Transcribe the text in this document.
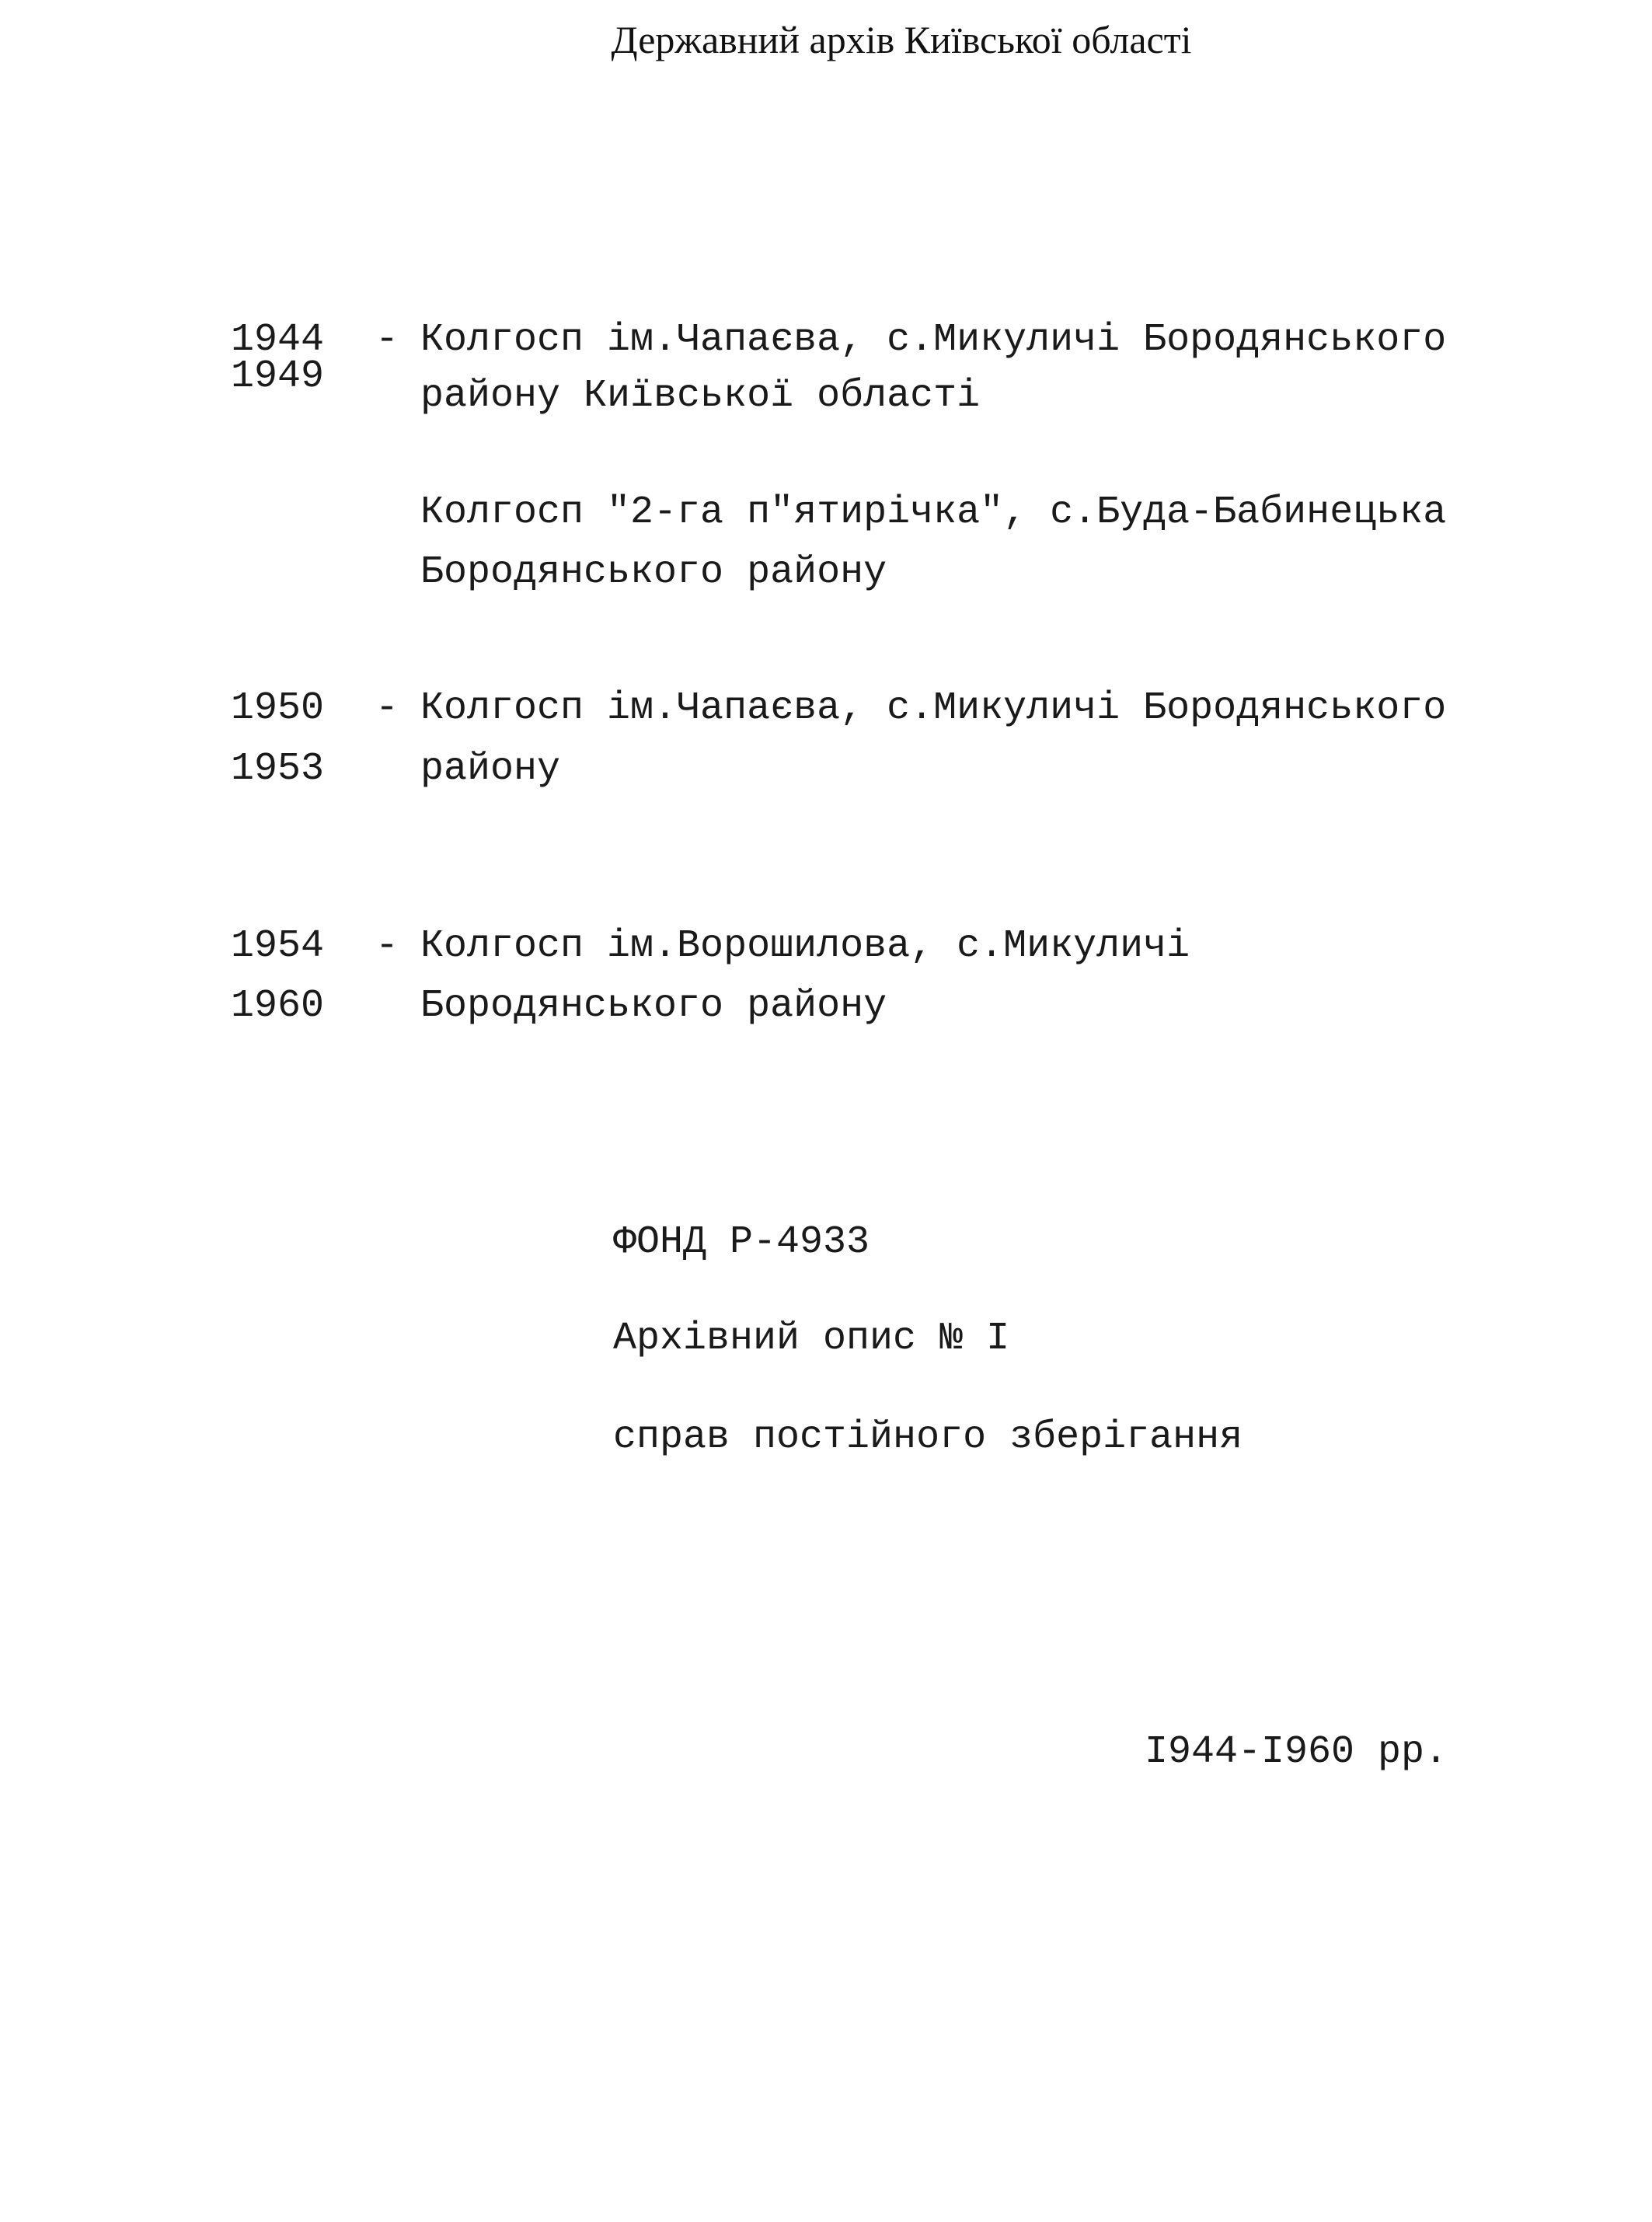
Державний архів Київської області
1944
1949
- Колгосп ім.Чапаєва, с.Микуличі Бородянського
району Київської області
Колгосп "2-га п"ятирічка", с.Буда-Бабинецька
Бородянського району
1950
1953
- Колгосп ім.Чапаєва, с.Микуличі Бородянського
району
1954
1960
- Колгосп ім.Ворошилова, с.Микуличі
Бородянського району
ФОНД Р-4933
Архівний опис № I
справ постійного зберігання
I944-I960 рр.
